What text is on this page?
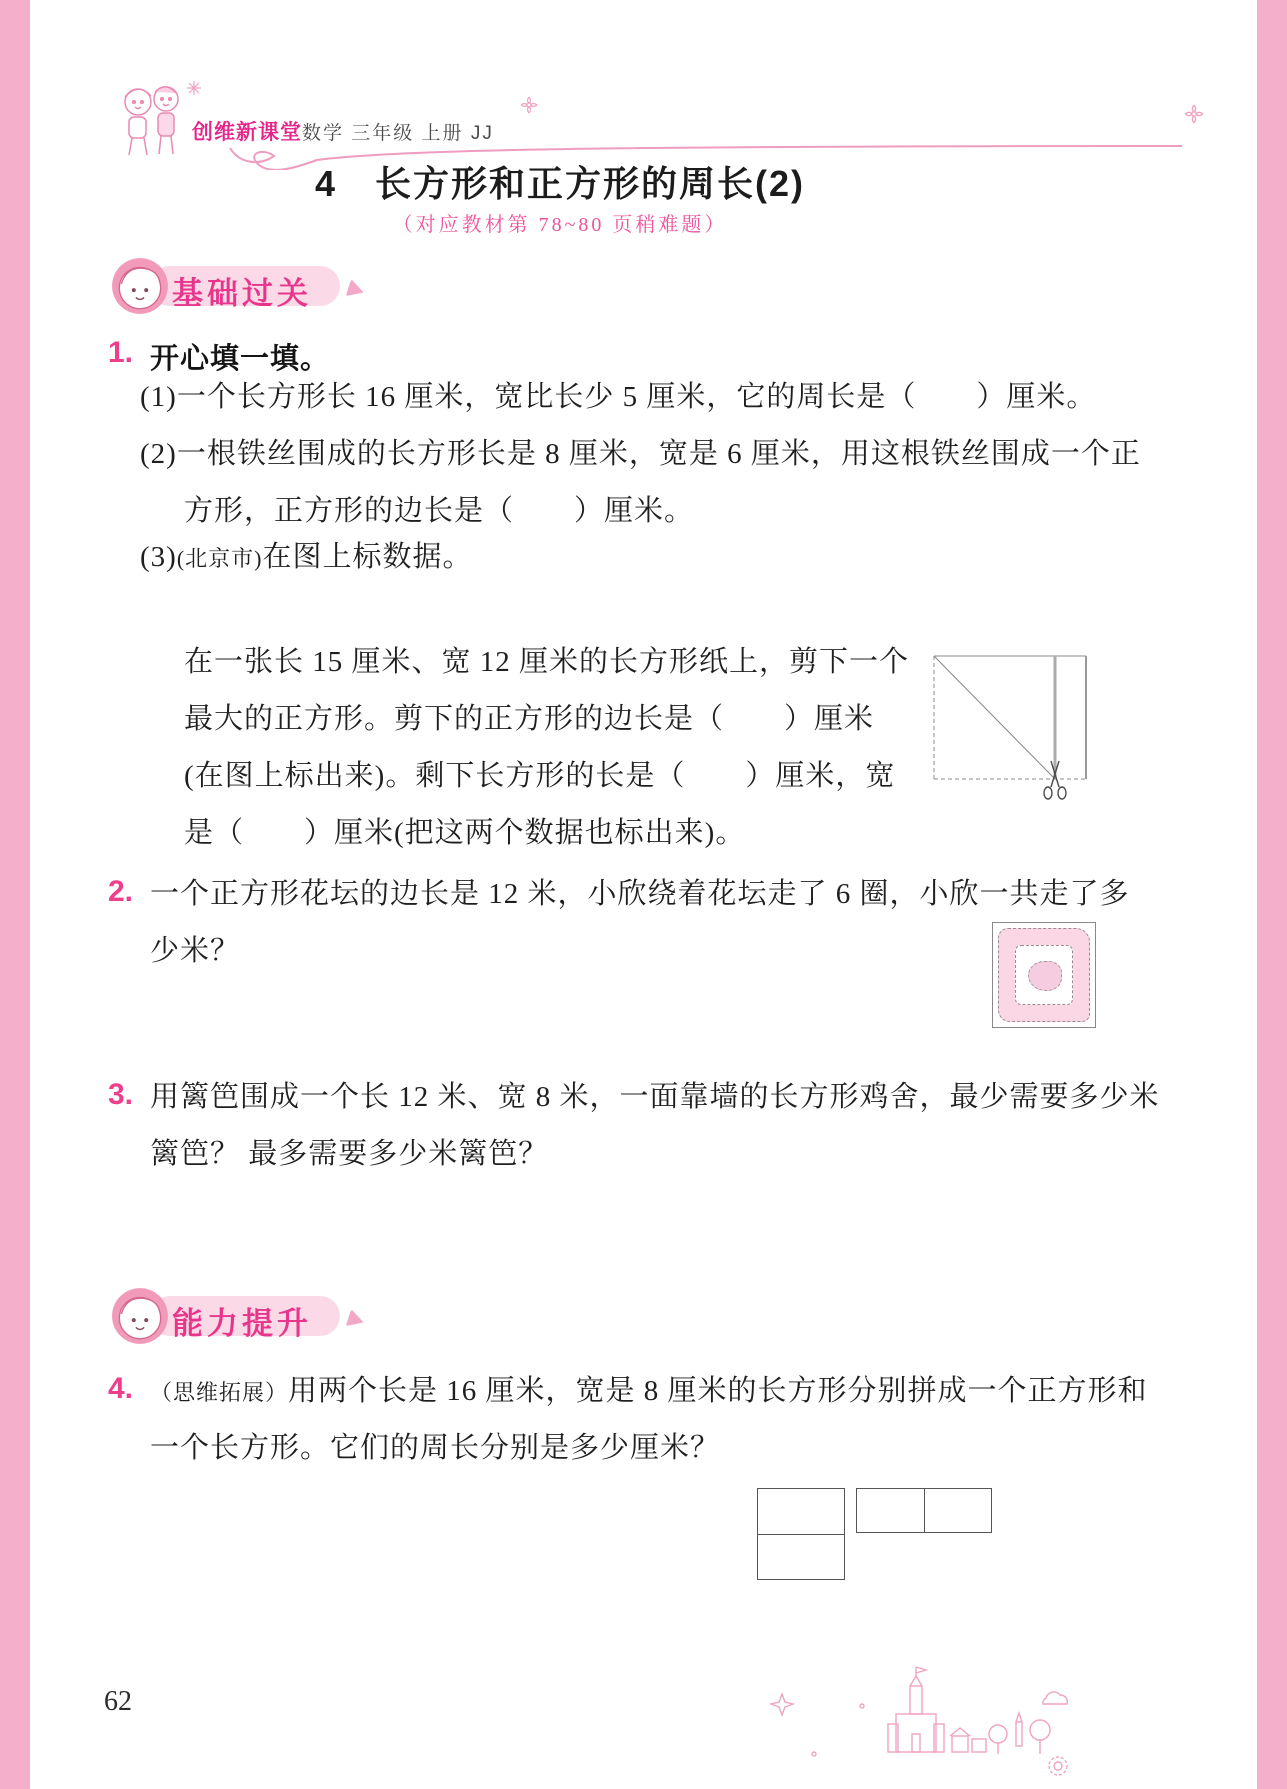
创维新课堂 数学 三年级 上册 JJ
4　长方形和正方形的周长(2)
（对应教材第 78~80 页稍难题）
基础过关
1. 开心填一填。
(1)一个长方形长 16 厘米，宽比长少 5 厘米，它的周长是（　　）厘米。
(2)一根铁丝围成的长方形长是 8 厘米，宽是 6 厘米，用这根铁丝围成一个正
方形，正方形的边长是（　　）厘米。
(3)(北京市)在图上标数据。
在一张长 15 厘米、宽 12 厘米的长方形纸上，剪下一个
最大的正方形。剪下的正方形的边长是（　　）厘米
(在图上标出来)。剩下长方形的长是（　　）厘米，宽
是（　　）厘米(把这两个数据也标出来)。
2. 一个正方形花坛的边长是 12 米，小欣绕着花坛走了 6 圈，小欣一共走了多
少米？
3. 用篱笆围成一个长 12 米、宽 8 米，一面靠墙的长方形鸡舍，最少需要多少米
篱笆？ 最多需要多少米篱笆？
能力提升
4. （思维拓展）用两个长是 16 厘米，宽是 8 厘米的长方形分别拼成一个正方形和
一个长方形。它们的周长分别是多少厘米？
62
